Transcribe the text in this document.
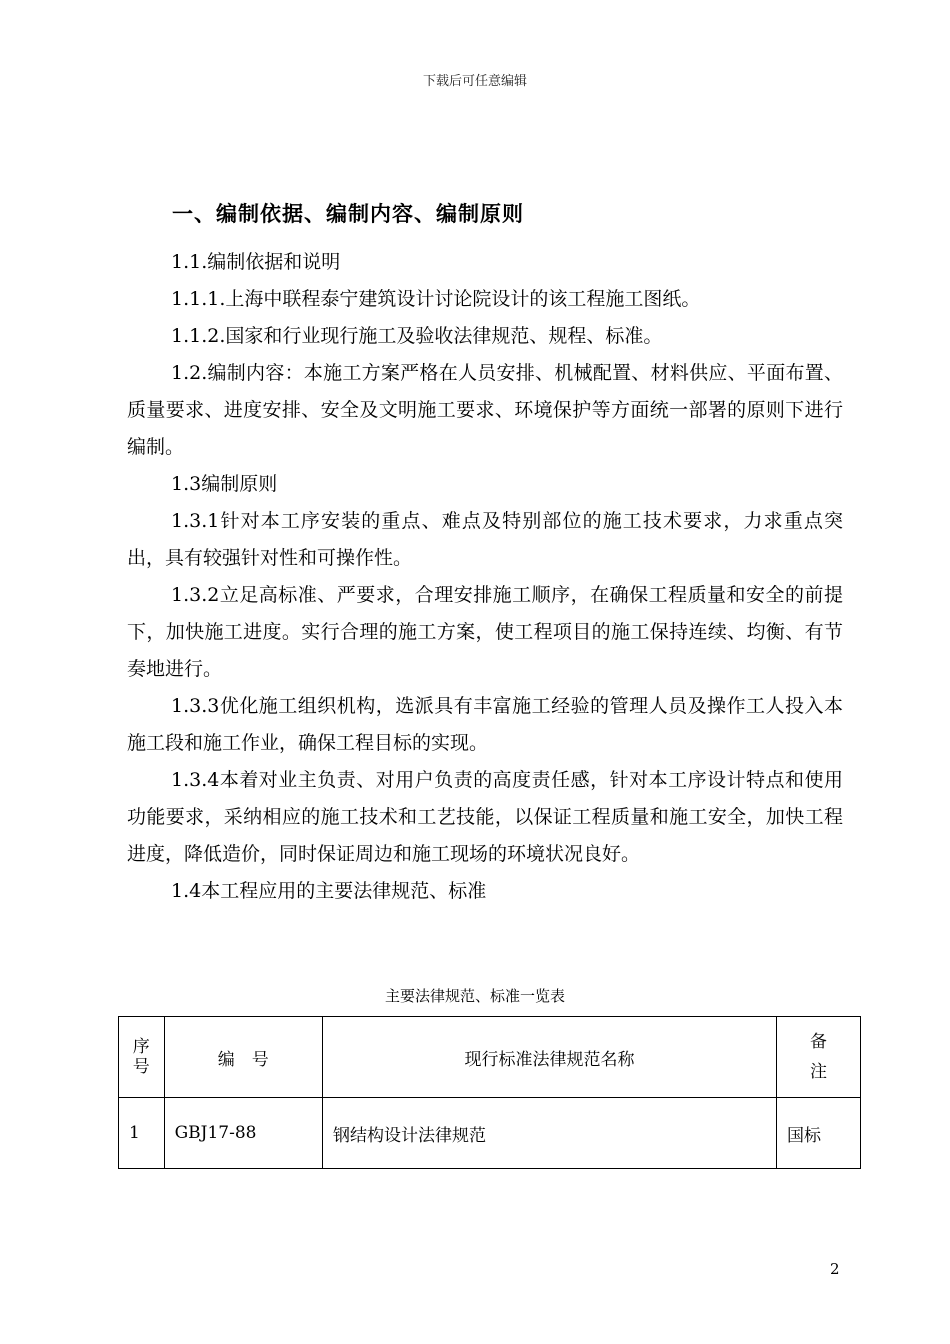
下载后可任意编辑
一、编制依据、编制内容、编制原则

1.1.编制依据和说明

1.1.1.上海中联程泰宁建筑设计讨论院设计的该工程施工图纸。

1.1.2.国家和行业现行施工及验收法律规范、规程、标准。

1.2.编制内容：本施工方案严格在人员安排、机械配置、材料供应、平面布置、质量要求、进度安排、安全及文明施工要求、环境保护等方面统一部署的原则下进行编制。

1.3编制原则

1.3.1针对本工序安装的重点、难点及特别部位的施工技术要求，力求重点突出，具有较强针对性和可操作性。

1.3.2立足高标准、严要求，合理安排施工顺序，在确保工程质量和安全的前提下，加快施工进度。实行合理的施工方案，使工程项目的施工保持连续、均衡、有节奏地进行。

1.3.3优化施工组织机构，选派具有丰富施工经验的管理人员及操作工人投入本施工段和施工作业，确保工程目标的实现。

1.3.4本着对业主负责、对用户负责的高度责任感，针对本工序设计特点和使用功能要求，采纳相应的施工技术和工艺技能，以保证工程质量和施工安全，加快工程进度，降低造价，同时保证周边和施工现场的环境状况良好。

1.4本工程应用的主要法律规范、标准

主要法律规范、标准一览表
序
号	编　号	现行标准法律规范名称	备
注
1	GBJ17-88	钢结构设计法律规范	国标
2
